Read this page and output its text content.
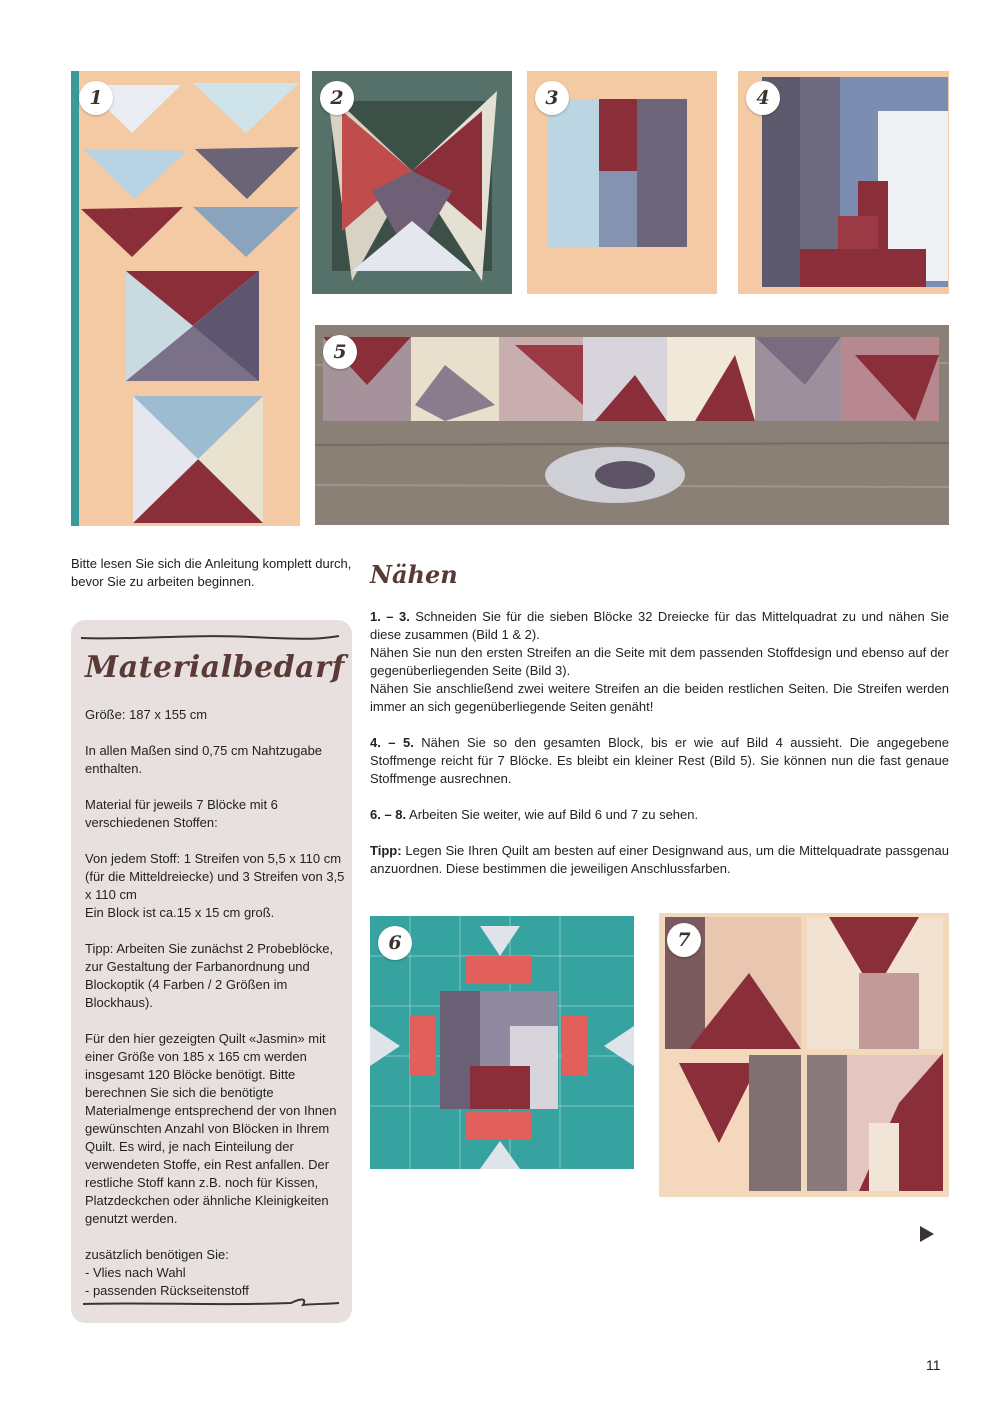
1	2	3	4
5
Bitte lesen Sie sich die Anleitung komplett durch, bevor Sie zu arbeiten beginnen.
Materialbedarf

Größe: 187 x 155 cm

In allen Maßen sind 0,75 cm Nahtzugabe enthalten.

Material für jeweils 7 Blöcke mit 6 verschiedenen Stoffen:

Von jedem Stoff: 1 Streifen von 5,5 x 110 cm (für die Mitteldreiecke) und 3 Streifen von 3,5 x 110 cm
Ein Block ist ca.15 x 15 cm groß.

Tipp: Arbeiten Sie zunächst 2 Probeblöcke, zur Gestaltung der Farbanordnung und Blockoptik (4 Farben / 2 Größen im Blockhaus).

Für den hier gezeigten Quilt «Jasmin» mit einer Größe von 185 x 165 cm werden insgesamt 120 Blöcke benötigt. Bitte berechnen Sie sich die benötigte Materialmenge entsprechend der von Ihnen gewünschten Anzahl von Blöcken in Ihrem Quilt. Es wird, je nach Einteilung der verwendeten Stoffe, ein Rest anfallen. Der restliche Stoff kann z.B. noch für Kissen, Platzdeckchen oder ähnliche Kleinigkeiten genutzt werden.

zusätzlich benötigen Sie:
- Vlies nach Wahl
- passenden Rückseitenstoff

Nähen

1. – 3. Schneiden Sie für die sieben Blöcke 32 Dreiecke für das Mittelquadrat zu und nähen Sie diese zusammen (Bild 1 & 2).
Nähen Sie nun den ersten Streifen an die Seite mit dem passenden Stoffdesign und ebenso auf der gegenüberliegenden Seite (Bild 3).
Nähen Sie anschließend zwei weitere Streifen an die beiden restlichen Seiten. Die Streifen werden immer an sich gegenüberliegende Seiten genäht!

4. – 5. Nähen Sie so den gesamten Block, bis er wie auf Bild 4 aussieht. Die angegebene Stoffmenge reicht für 7 Blöcke. Es bleibt ein kleiner Rest (Bild 5). Sie können nun die fast genaue Stoffmenge ausrechnen.

6. – 8. Arbeiten Sie weiter, wie auf Bild 6 und 7 zu sehen.

Tipp: Legen Sie Ihren Quilt am besten auf einer Designwand aus, um die Mittelquadrate passgenau anzuordnen. Diese bestimmen die jeweiligen Anschlussfarben.

6	7
11
